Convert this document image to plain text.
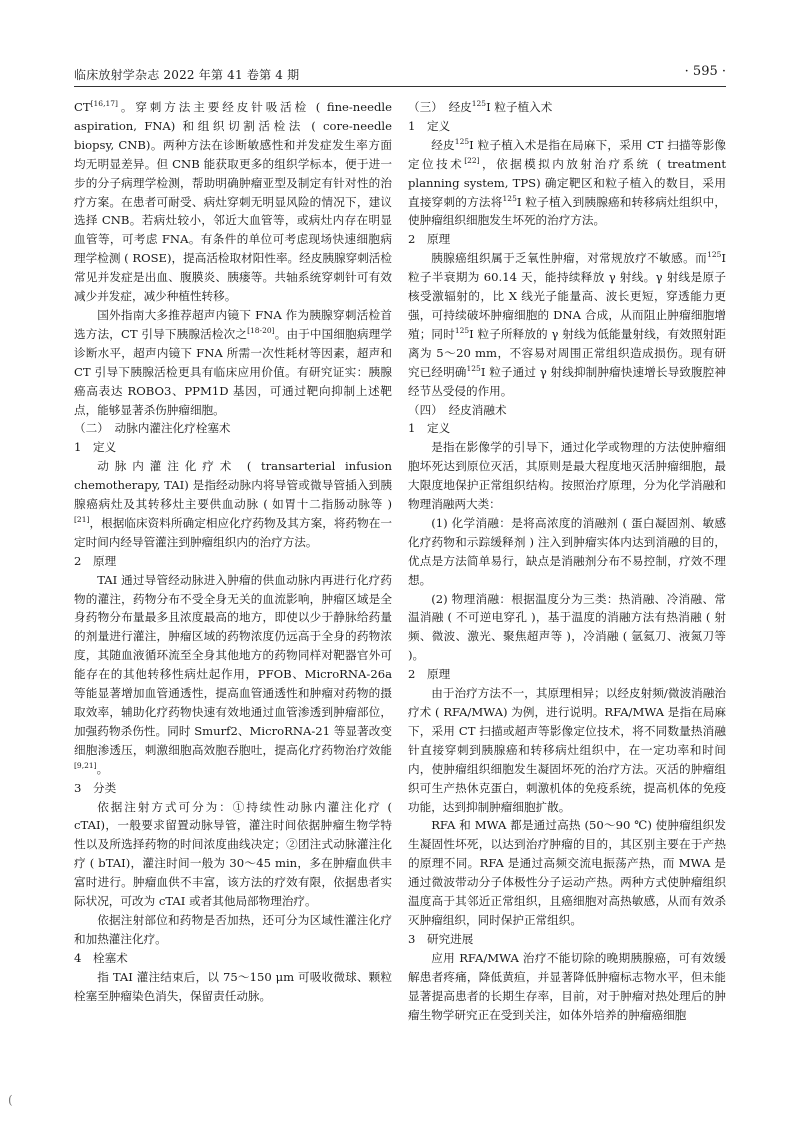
临床放射学杂志 2022 年第 41 卷第 4 期	· 595 ·

CT[16,17]。穿刺方法主要经皮针吸活检 ( fine-needle aspiration, FNA) 和组织切割活检法 ( core-needle biopsy, CNB)。两种方法在诊断敏感性和并发症发生率方面均无明显差异。但 CNB 能获取更多的组织学标本，便于进一步的分子病理学检测，帮助明确肿瘤亚型及制定有针对性的治疗方案。在患者可耐受、病灶穿刺无明显风险的情况下，建议选择 CNB。若病灶较小，邻近大血管等，或病灶内存在明显血管等，可考虑 FNA。有条件的单位可考虑现场快速细胞病理学检测 ( ROSE)，提高活检取材阳性率。经皮胰腺穿刺活检常见并发症是出血、腹膜炎、胰瘘等。共轴系统穿刺针可有效减少并发症，减少种植性转移。

国外指南大多推荐超声内镜下 FNA 作为胰腺穿刺活检首选方法，CT 引导下胰腺活检次之[18-20]。由于中国细胞病理学诊断水平，超声内镜下 FNA 所需一次性耗材等因素，超声和 CT 引导下胰腺活检更具有临床应用价值。有研究证实：胰腺癌高表达 ROBO3、PPM1D 基因，可通过靶向抑制上述靶点，能够显著杀伤肿瘤细胞。

（二）　动脉内灌注化疗栓塞术

1　定义

动脉内灌注化疗术 ( transarterial infusion chemotherapy, TAI) 是指经动脉内将导管或微导管插入到胰腺癌病灶及其转移灶主要供血动脉 ( 如胃十二指肠动脉等 )[21]，根据临床资料所确定相应化疗药物及其方案，将药物在一定时间内经导管灌注到肿瘤组织内的治疗方法。

2　原理

TAI 通过导管经动脉进入肿瘤的供血动脉内再进行化疗药物的灌注，药物分布不受全身无关的血流影响，肿瘤区域是全身药物分布量最多且浓度最高的地方，即使以少于静脉给药量的剂量进行灌注，肿瘤区域的药物浓度仍远高于全身的药物浓度，其随血液循环流至全身其他地方的药物同样对靶器官外可能存在的其他转移性病灶起作用，PFOB、MicroRNA-26a 等能显著增加血管通透性，提高血管通透性和肿瘤对药物的摄取效率，辅助化疗药物快速有效地通过血管渗透到肿瘤部位，加强药物杀伤性。同时 Smurf2、MicroRNA-21 等显著改变细胞渗透压，刺激细胞高效胞吞胞吐，提高化疗药物治疗效能[9,21]。

3　分类

依据注射方式可分为：①持续性动脉内灌注化疗 ( cTAI)，一般要求留置动脉导管，灌注时间依据肿瘤生物学特性以及所选择药物的时间浓度曲线决定；②团注式动脉灌注化疗 ( bTAI)，灌注时间一般为 30～45 min，多在肿瘤血供丰富时进行。肿瘤血供不丰富，该方法的疗效有限，依据患者实际状况，可改为 cTAI 或者其他局部物理治疗。

依据注射部位和药物是否加热，还可分为区域性灌注化疗和加热灌注化疗。

4　栓塞术

指 TAI 灌注结束后，以 75～150 μm 可吸收微球、颗粒栓塞至肿瘤染色消失，保留责任动脉。

（三）　经皮$^{125}$I 粒子植入术

1　定义

经皮$^{125}$I 粒子植入术是指在局麻下，采用 CT 扫描等影像定位技术[22]，依据模拟内放射治疗系统 ( treatment planning system, TPS) 确定靶区和粒子植入的数目，采用直接穿刺的方法将$^{125}$I 粒子植入到胰腺癌和转移病灶组织中，使肿瘤组织细胞发生坏死的治疗方法。

2　原理

胰腺癌组织属于乏氧性肿瘤，对常规放疗不敏感。而$^{125}$I 粒子半衰期为 60.14 天，能持续释放 γ 射线。γ 射线是原子核受激辐射的，比 X 线光子能量高、波长更短，穿透能力更强，可持续破坏肿瘤细胞的 DNA 合成，从而阻止肿瘤细胞增殖；同时$^{125}$I 粒子所释放的 γ 射线为低能量射线，有效照射距离为 5～20 mm，不容易对周围正常组织造成损伤。现有研究已经明确$^{125}$I 粒子通过 γ 射线抑制肿瘤快速增长导致腹腔神经节丛受侵的作用。

（四）　经皮消融术

1　定义

是指在影像学的引导下，通过化学或物理的方法使肿瘤细胞坏死达到原位灭活，其原则是最大程度地灭活肿瘤细胞，最大限度地保护正常组织结构。按照治疗原理，分为化学消融和物理消融两大类：

(1) 化学消融：是将高浓度的消融剂 ( 蛋白凝固剂、敏感化疗药物和示踪缓释剂 ) 注入到肿瘤实体内达到消融的目的，优点是方法简单易行，缺点是消融剂分布不易控制，疗效不理想。

(2) 物理消融：根据温度分为三类：热消融、冷消融、常温消融 ( 不可逆电穿孔 )，基于温度的消融方法有热消融 ( 射频、微波、激光、聚焦超声等 )，冷消融 ( 氩氦刀、液氮刀等 )。

2　原理

由于治疗方法不一，其原理相异；以经皮射频/微波消融治疗术 ( RFA/MWA) 为例，进行说明。RFA/MWA 是指在局麻下，采用 CT 扫描或超声等影像定位技术，将不同数量热消融针直接穿刺到胰腺癌和转移病灶组织中，在一定功率和时间内，使肿瘤组织细胞发生凝固坏死的治疗方法。灭活的肿瘤组织可生产热休克蛋白，刺激机体的免疫系统，提高机体的免疫功能，达到抑制肿瘤细胞扩散。

RFA 和 MWA 都是通过高热 (50～90 ℃) 使肿瘤组织发生凝固性坏死，以达到治疗肿瘤的目的，其区别主要在于产热的原理不同。RFA 是通过高频交流电振荡产热，而 MWA 是通过微波带动分子体极性分子运动产热。两种方式使肿瘤组织温度高于其邻近正常组织，且癌细胞对高热敏感，从而有效杀灭肿瘤组织，同时保护正常组织。

3　研究进展

应用 RFA/MWA 治疗不能切除的晚期胰腺癌，可有效缓解患者疼痛，降低黄疸，并显著降低肿瘤标志物水平，但未能显著提高患者的长期生存率，目前，对于肿瘤对热处理后的肿瘤生物学研究正在受到关注，如体外培养的肿瘤癌细胞

(
